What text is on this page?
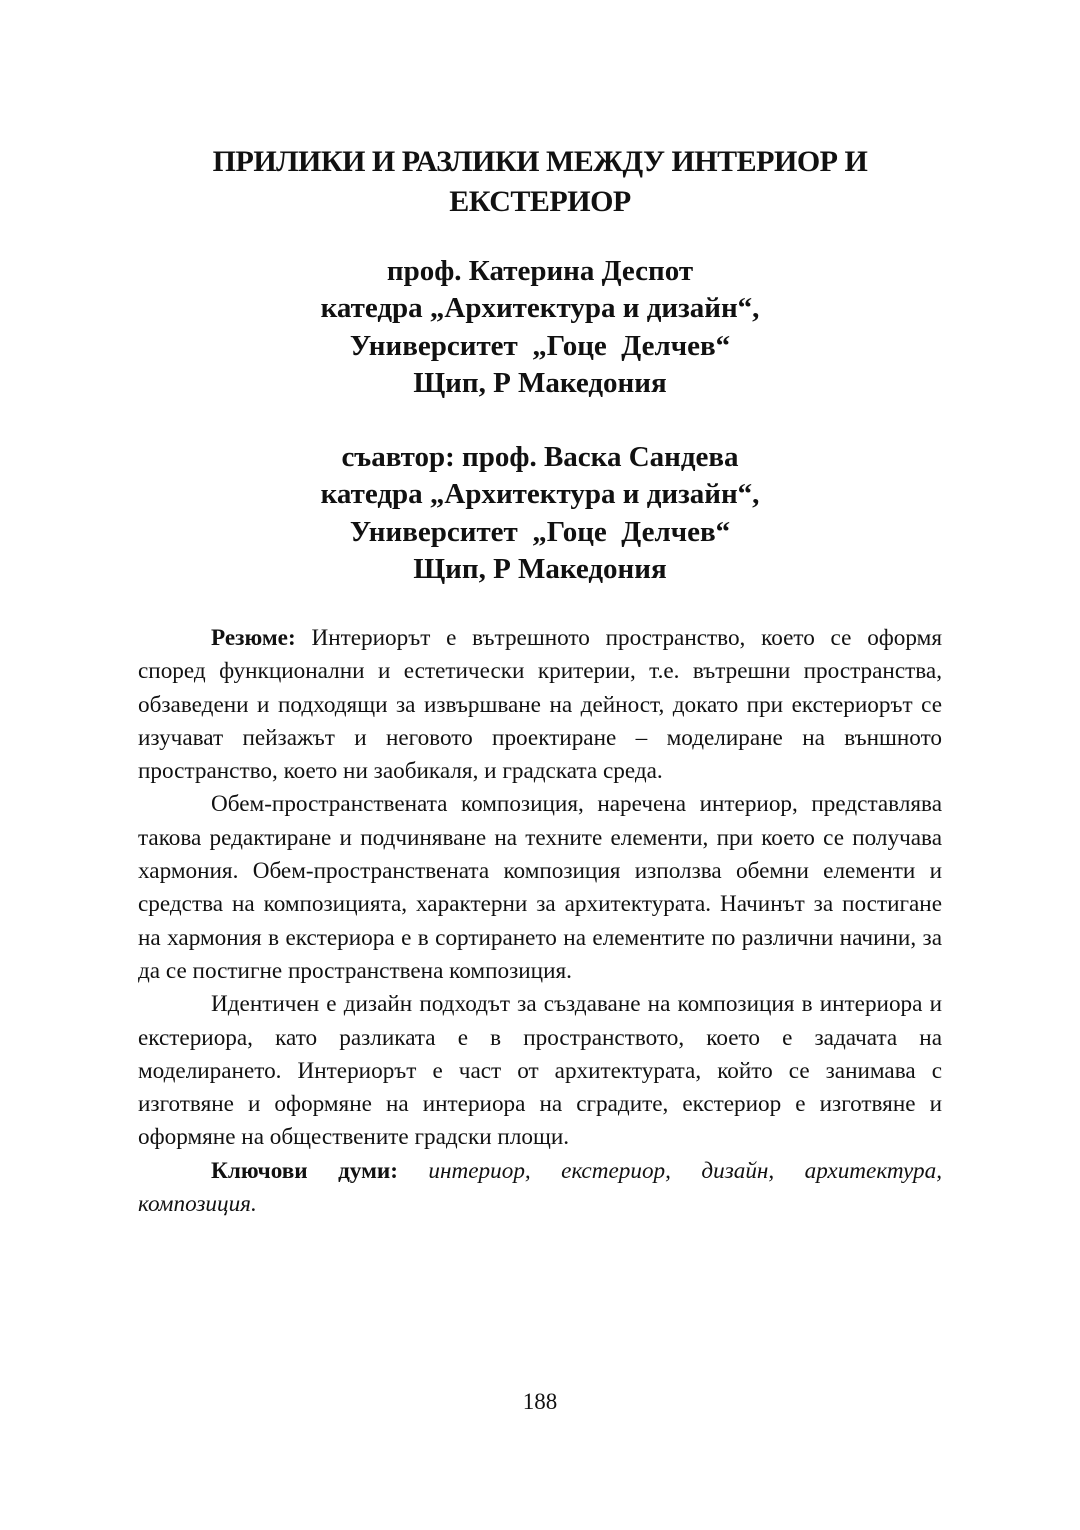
ПРИЛИКИ И РАЗЛИКИ МЕЖДУ ИНТЕРИОР И
ЕКСТЕРИОР
проф. Катерина Деспот
катедра „Архитектура и дизайн“,
Университет  „Гоце  Делчев“
Щип, Р Македония
съавтор: проф. Васка Сандева
катедра „Архитектура и дизайн“,
Университет  „Гоце  Делчев“
Щип, Р Македония

Резюме: Интериорът е вътрешното пространство, което се оформя според функционални и естетически критерии, т.е. вътрешни пространства, обзаведени и подходящи за извършване на дейност, докато при екстериорът се изучават пейзажът и неговото проектиране – моделиране на външното пространство, което ни заобикаля, и градската среда.

Обем-пространствената композиция, наречена интериор, представлява такова редактиране и подчиняване на техните елементи, при което се получава хармония. Обем-пространствената композиция използва обемни елементи и средства на композицията, характерни за архитектурата. Начинът за постигане на хармония в екстериора е в сортирането на елементите по различни начини, за да се постигне пространствена композиция.

Идентичен е дизайн подходът за създаване на композиция в интериора и екстериора, като разликата е в пространството, което е задачата на моделирането. Интериорът е част от архитектурата, който се занимава с изготвяне и оформяне на интериора на сградите, екстериор е изготвяне и оформяне на обществените градски площи.

Ключови думи: интериор, екстериор, дизайн, архитектура, композиция.

188
